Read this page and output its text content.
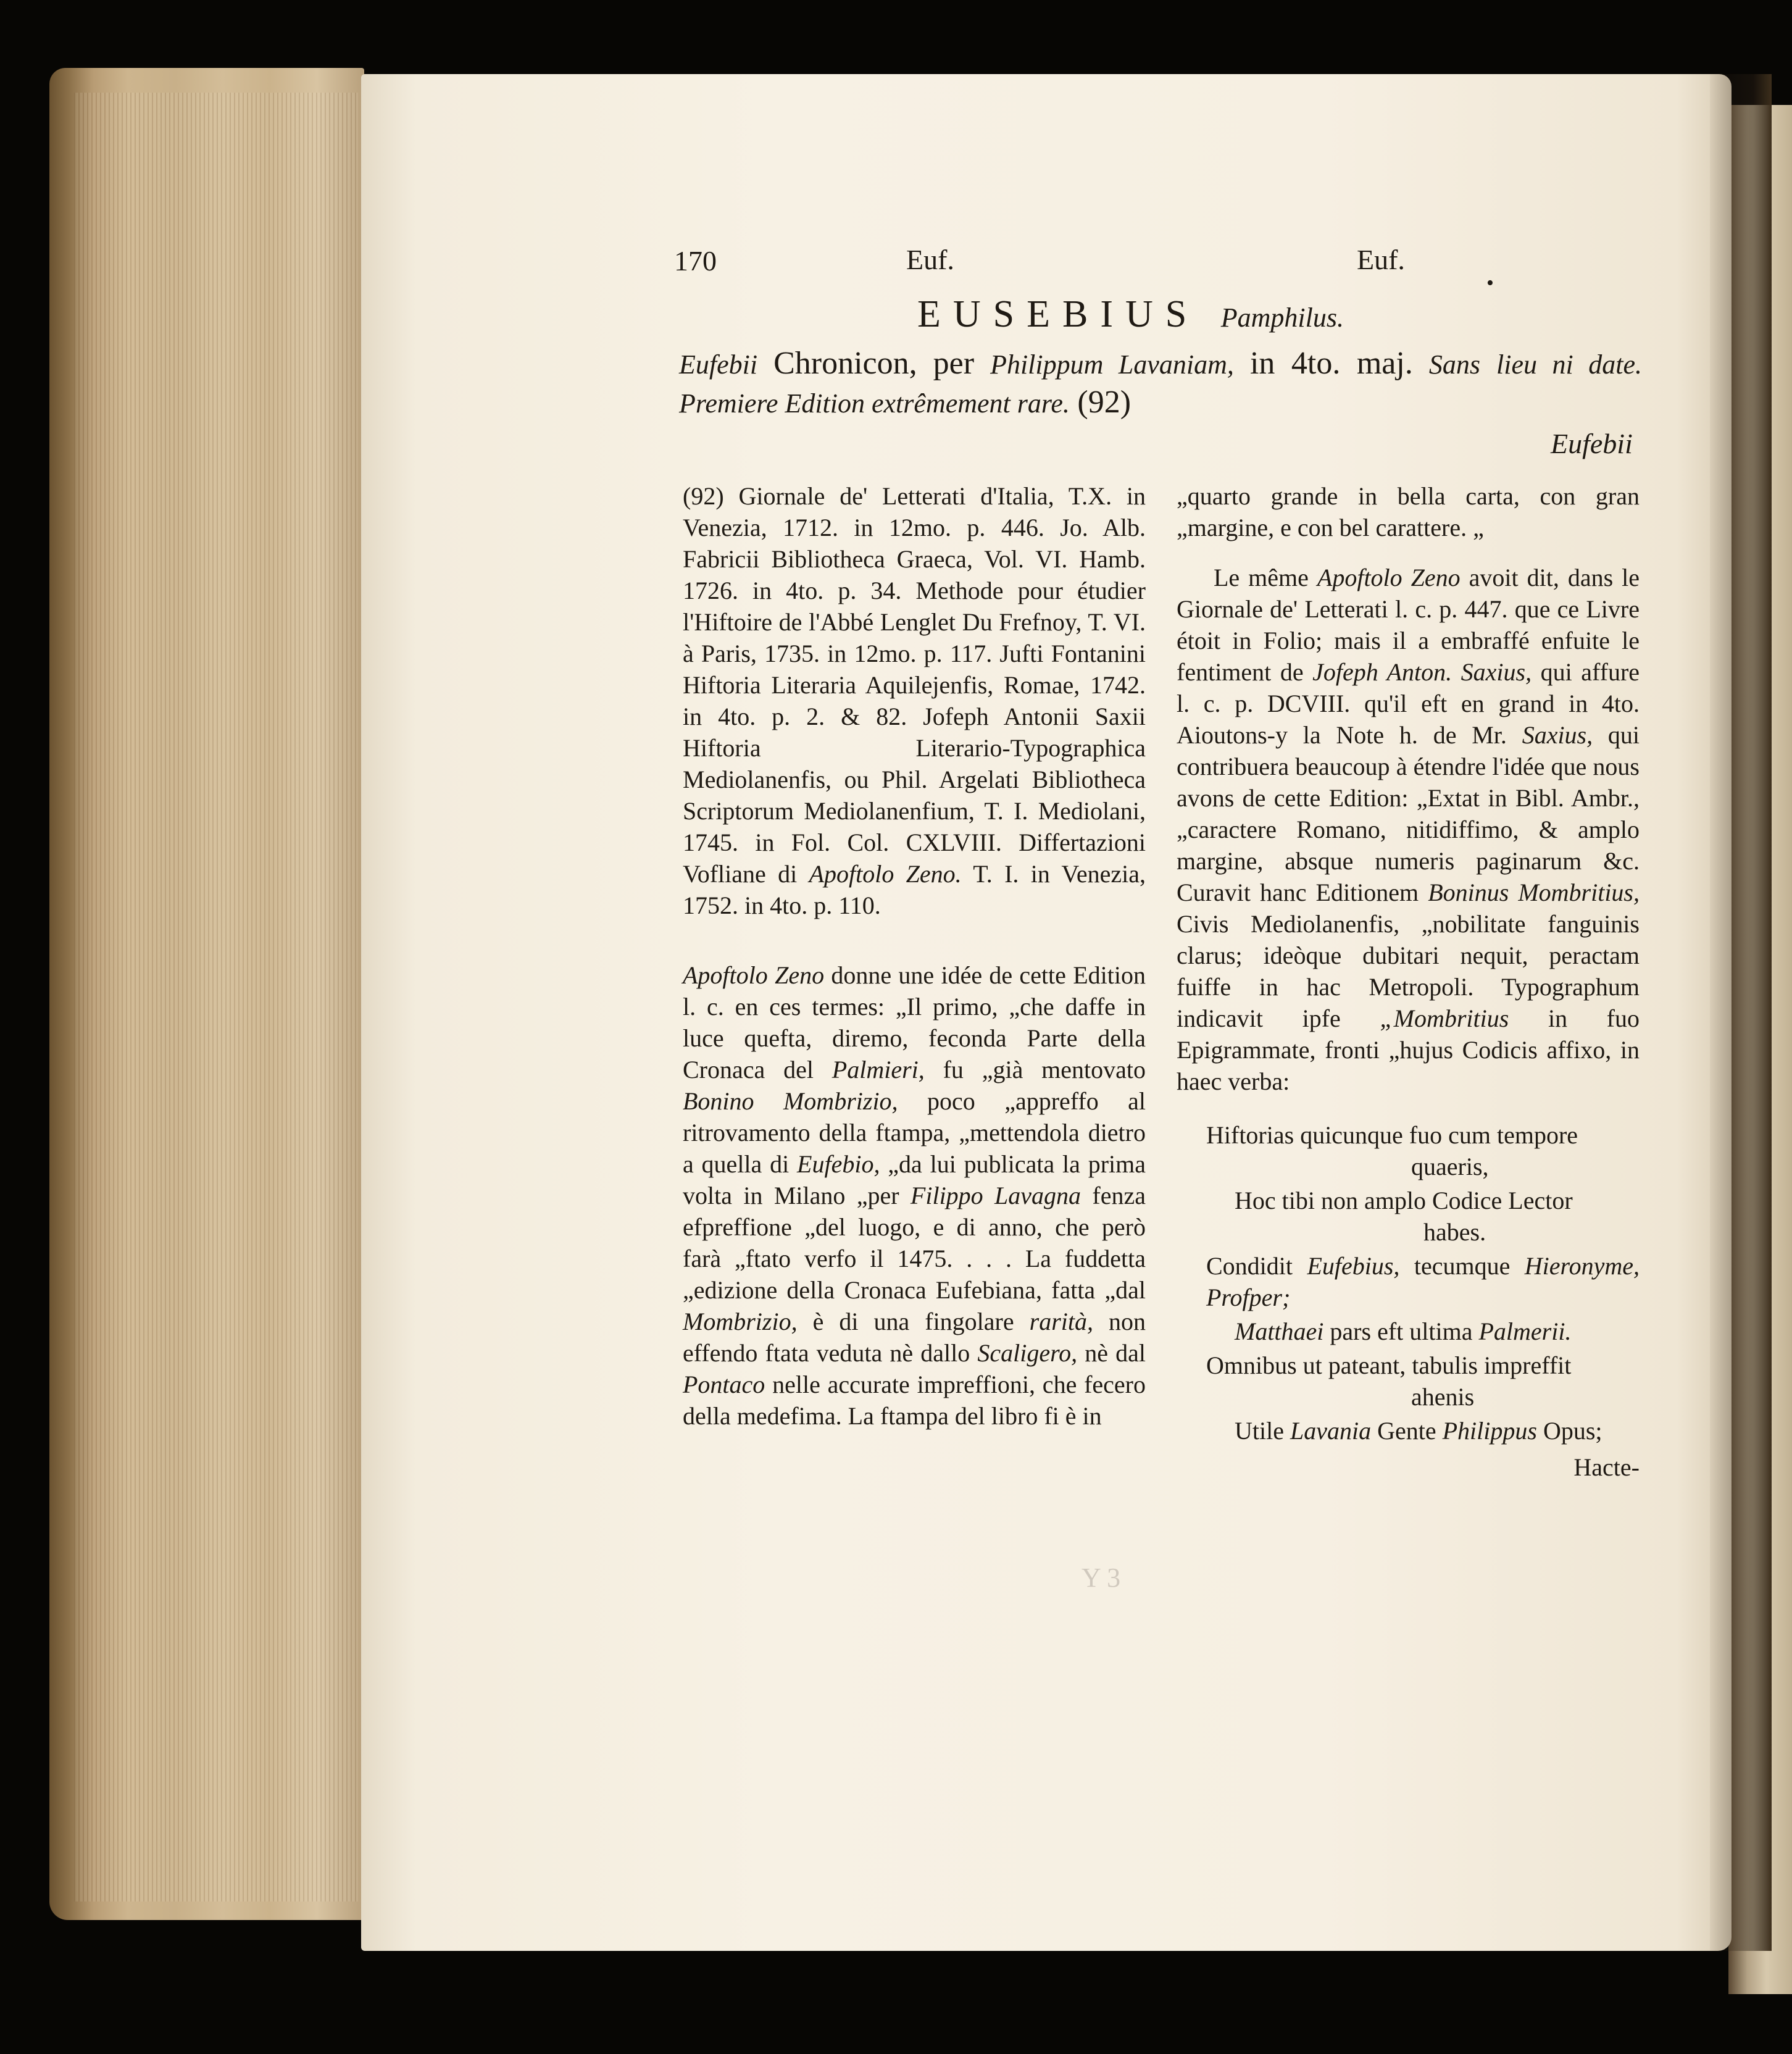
170	Euf.	Euf.
•
EUSEBIUS Pamphilus.
Eufebii Chronicon, per Philippum Lavaniam, in 4to. maj. Sans lieu ni date. Premiere Edition extrêmement rare. (92)
Eufebii

(92) Giornale de' Letterati d'Italia, T.X. in Venezia, 1712. in 12mo. p. 446. Jo. Alb. Fabricii Bibliotheca Graeca, Vol. VI. Hamb. 1726. in 4to. p. 34. Methode pour étudier l'Hiftoire de l'Abbé Lenglet Du Frefnoy, T. VI. à Paris, 1735. in 12mo. p. 117. Jufti Fontanini Hiftoria Literaria Aquilejenfis, Romae, 1742. in 4to. p. 2. & 82. Jofeph Antonii Saxii Hiftoria Literario-Typographica Mediolanenfis, ou Phil. Argelati Bibliotheca Scriptorum Mediolanenfium, T. I. Mediolani, 1745. in Fol. Col. CXLVIII. Differtazioni Vofliane di Apoftolo Zeno. T. I. in Venezia, 1752. in 4to. p. 110.

Apoftolo Zeno donne une idée de cette Edition l. c. en ces termes: „Il primo, „che daffe in luce quefta, diremo, feconda Parte della Cronaca del Palmieri, fu „già mentovato Bonino Mombrizio, poco „appreffo al ritrovamento della ftampa, „mettendola dietro a quella di Eufebio, „da lui publicata la prima volta in Milano „per Filippo Lavagna fenza efpreffione „del luogo, e di anno, che però farà „ftato verfo il 1475. . . . La fuddetta „edizione della Cronaca Eufebiana, fatta „dal Mombrizio, è di una fingolare rarità, non effendo ftata veduta nè dallo Scaligero, nè dal Pontaco nelle accurate impreffioni, che fecero della medefima. La ftampa del libro fi è in

„quarto grande in bella carta, con gran „margine, e con bel carattere. „

Le même Apoftolo Zeno avoit dit, dans le Giornale de' Letterati l. c. p. 447. que ce Livre étoit in Folio; mais il a embraffé enfuite le fentiment de Jofeph Anton. Saxius, qui affure l. c. p. DCVIII. qu'il eft en grand in 4to. Aioutons-y la Note h. de Mr. Saxius, qui contribuera beaucoup à étendre l'idée que nous avons de cette Edition: „Extat in Bibl. Ambr., „caractere Romano, nitidiffimo, & amplo margine, absque numeris paginarum &c. Curavit hanc Editionem Boninus Mombritius, Civis Mediolanenfis, „nobilitate fanguinis clarus; ideòque dubitari nequit, peractam fuiffe in hac Metropoli. Typographum indicavit ipfe „Mombritius in fuo Epigrammate, fronti „hujus Codicis affixo, in haec verba:

Hiftorias quicunque fuo cum tempore
quaeris,
Hoc tibi non amplo Codice Lector
habes.
Condidit Eufebius, tecumque Hieronyme, Profper;
Matthaei pars eft ultima Palmerii.
Omnibus ut pateant, tabulis impreffit
ahenis
Utile Lavania Gente Philippus Opus;
Hacte-
Y 3
